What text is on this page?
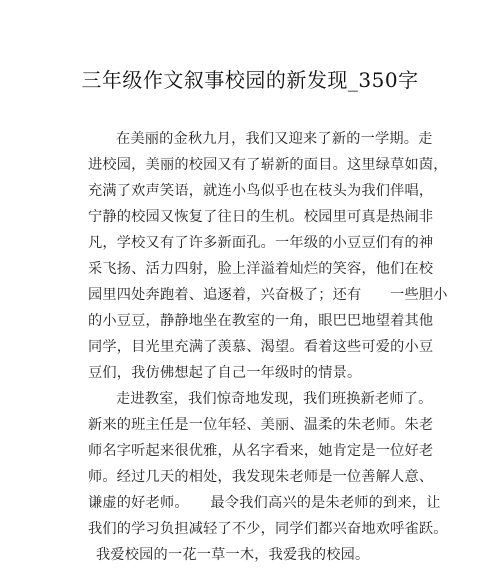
三年级作文叙事校园的新发现_350字
在美丽的金秋九月，我们又迎来了新的一学期。走
进校园，美丽的校园又有了崭新的面目。这里绿草如茵，
充满了欢声笑语，就连小鸟似乎也在枝头为我们伴唱，
宁静的校园又恢复了往日的生机。校园里可真是热闹非
凡，学校又有了许多新面孔。一年级的小豆豆们有的神
采飞扬、活力四射，脸上洋溢着灿烂的笑容，他们在校
园里四处奔跑着、追逐着，兴奋极了；还有　　一些胆小
的小豆豆，静静地坐在教室的一角，眼巴巴地望着其他
同学，目光里充满了羡慕、渴望。看着这些可爱的小豆
豆们，我仿佛想起了自己一年级时的情景。
走进教室，我们惊奇地发现，我们班换新老师了。
新来的班主任是一位年轻、美丽、温柔的朱老师。朱老
师名字听起来很优雅，从名字看来，她肯定是一位好老
师。经过几天的相处，我发现朱老师是一位善解人意、
谦虚的好老师。　　最令我们高兴的是朱老师的到来，让
我们的学习负担减轻了不少，同学们都兴奋地欢呼雀跃。
我爱校园的一花一草一木，我爱我的校园。
